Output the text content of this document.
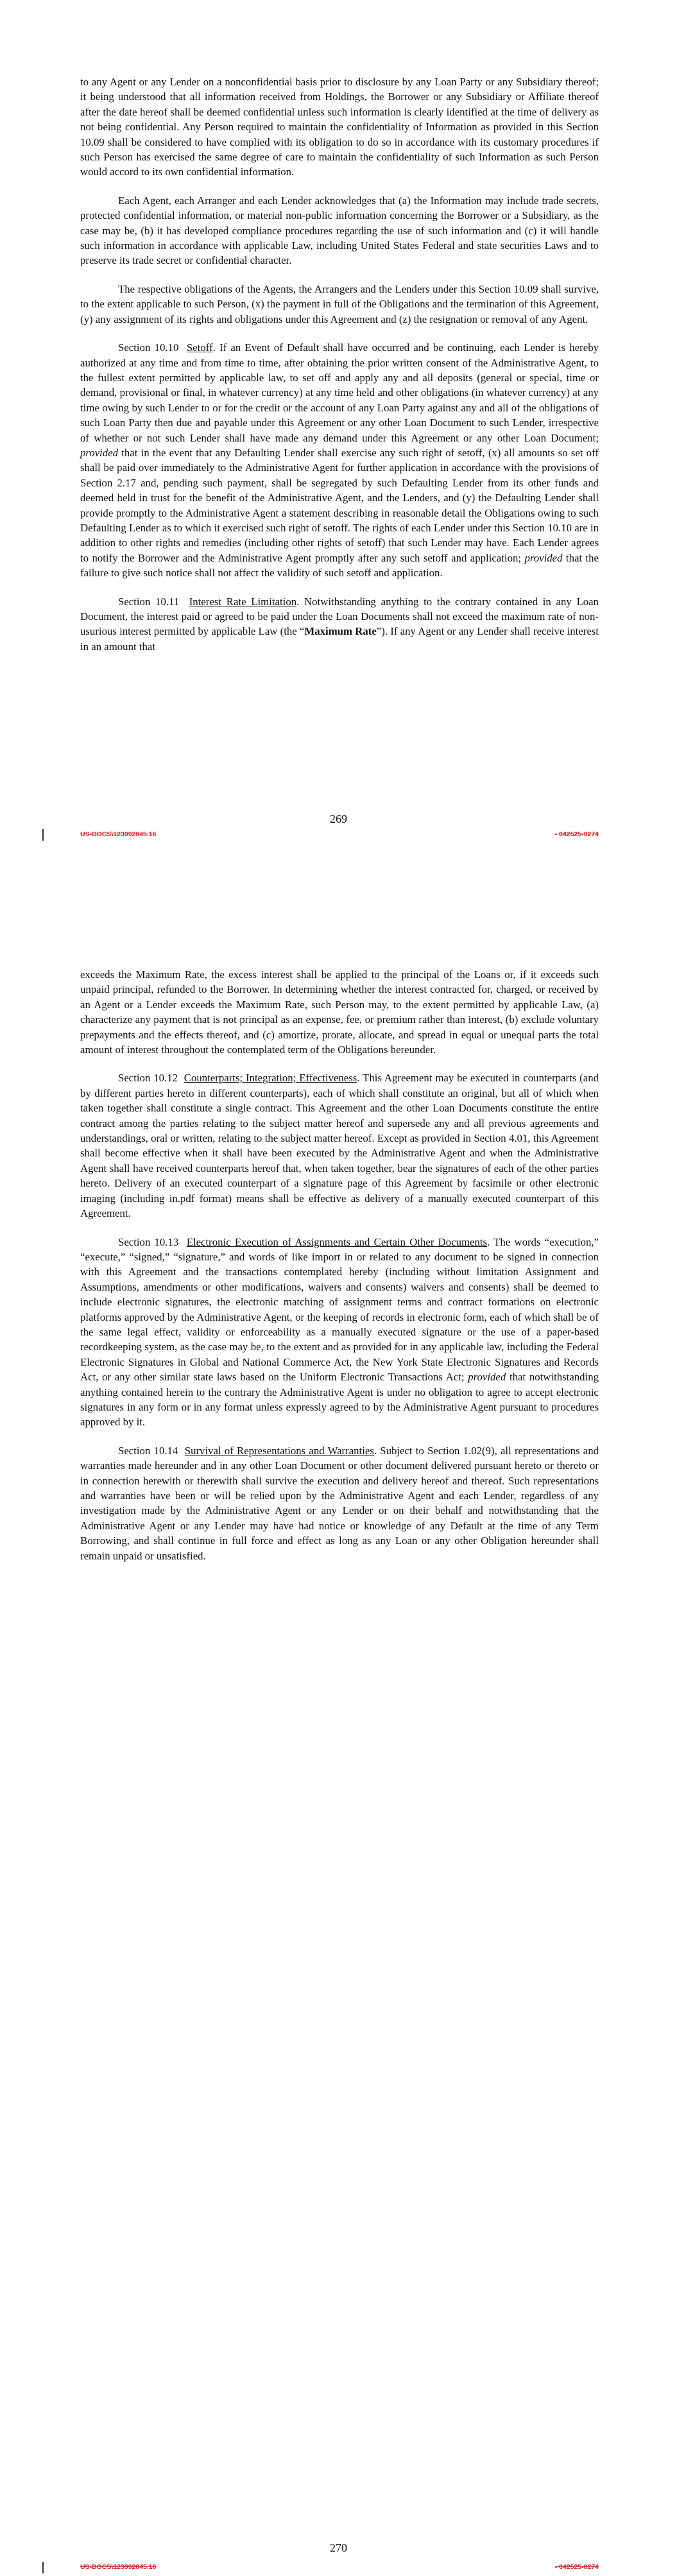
to any Agent or any Lender on a nonconfidential basis prior to disclosure by any Loan Party or any Subsidiary thereof; it being understood that all information received from Holdings, the Borrower or any Subsidiary or Affiliate thereof after the date hereof shall be deemed confidential unless such information is clearly identified at the time of delivery as not being confidential. Any Person required to maintain the confidentiality of Information as provided in this Section 10.09 shall be considered to have complied with its obligation to do so in accordance with its customary procedures if such Person has exercised the same degree of care to maintain the confidentiality of such Information as such Person would accord to its own confidential information.

Each Agent, each Arranger and each Lender acknowledges that (a) the Information may include trade secrets, protected confidential information, or material non-public information concerning the Borrower or a Subsidiary, as the case may be, (b) it has developed compliance procedures regarding the use of such information and (c) it will handle such information in accordance with applicable Law, including United States Federal and state securities Laws and to preserve its trade secret or confidential character.

The respective obligations of the Agents, the Arrangers and the Lenders under this Section 10.09 shall survive, to the extent applicable to such Person, (x) the payment in full of the Obligations and the termination of this Agreement, (y) any assignment of its rights and obligations under this Agreement and (z) the resignation or removal of any Agent.

Section 10.10 Setoff. If an Event of Default shall have occurred and be continuing, each Lender is hereby authorized at any time and from time to time, after obtaining the prior written consent of the Administrative Agent, to the fullest extent permitted by applicable law, to set off and apply any and all deposits (general or special, time or demand, provisional or final, in whatever currency) at any time held and other obligations (in whatever currency) at any time owing by such Lender to or for the credit or the account of any Loan Party against any and all of the obligations of such Loan Party then due and payable under this Agreement or any other Loan Document to such Lender, irrespective of whether or not such Lender shall have made any demand under this Agreement or any other Loan Document; provided that in the event that any Defaulting Lender shall exercise any such right of setoff, (x) all amounts so set off shall be paid over immediately to the Administrative Agent for further application in accordance with the provisions of Section 2.17 and, pending such payment, shall be segregated by such Defaulting Lender from its other funds and deemed held in trust for the benefit of the Administrative Agent, and the Lenders, and (y) the Defaulting Lender shall provide promptly to the Administrative Agent a statement describing in reasonable detail the Obligations owing to such Defaulting Lender as to which it exercised such right of setoff. The rights of each Lender under this Section 10.10 are in addition to other rights and remedies (including other rights of setoff) that such Lender may have. Each Lender agrees to notify the Borrower and the Administrative Agent promptly after any such setoff and application; provided that the failure to give such notice shall not affect the validity of such setoff and application.

Section 10.11 Interest Rate Limitation. Notwithstanding anything to the contrary contained in any Loan Document, the interest paid or agreed to be paid under the Loan Documents shall not exceed the maximum rate of non-usurious interest permitted by applicable Law (the “Maximum Rate”). If any Agent or any Lender shall receive interest in an amount that

269
US-DOCS\123992845.16	- 042525-0274

exceeds the Maximum Rate, the excess interest shall be applied to the principal of the Loans or, if it exceeds such unpaid principal, refunded to the Borrower. In determining whether the interest contracted for, charged, or received by an Agent or a Lender exceeds the Maximum Rate, such Person may, to the extent permitted by applicable Law, (a) characterize any payment that is not principal as an expense, fee, or premium rather than interest, (b) exclude voluntary prepayments and the effects thereof, and (c) amortize, prorate, allocate, and spread in equal or unequal parts the total amount of interest throughout the contemplated term of the Obligations hereunder.

Section 10.12 Counterparts; Integration; Effectiveness. This Agreement may be executed in counterparts (and by different parties hereto in different counterparts), each of which shall constitute an original, but all of which when taken together shall constitute a single contract. This Agreement and the other Loan Documents constitute the entire contract among the parties relating to the subject matter hereof and supersede any and all previous agreements and understandings, oral or written, relating to the subject matter hereof. Except as provided in Section 4.01, this Agreement shall become effective when it shall have been executed by the Administrative Agent and when the Administrative Agent shall have received counterparts hereof that, when taken together, bear the signatures of each of the other parties hereto. Delivery of an executed counterpart of a signature page of this Agreement by facsimile or other electronic imaging (including in.pdf format) means shall be effective as delivery of a manually executed counterpart of this Agreement.

Section 10.13 Electronic Execution of Assignments and Certain Other Documents. The words “execution,” “execute,” “signed,” “signature,” and words of like import in or related to any document to be signed in connection with this Agreement and the transactions contemplated hereby (including without limitation Assignment and Assumptions, amendments or other modifications, waivers and consents) waivers and consents) shall be deemed to include electronic signatures, the electronic matching of assignment terms and contract formations on electronic platforms approved by the Administrative Agent, or the keeping of records in electronic form, each of which shall be of the same legal effect, validity or enforceability as a manually executed signature or the use of a paper-based recordkeeping system, as the case may be, to the extent and as provided for in any applicable law, including the Federal Electronic Signatures in Global and National Commerce Act, the New York State Electronic Signatures and Records Act, or any other similar state laws based on the Uniform Electronic Transactions Act; provided that notwithstanding anything contained herein to the contrary the Administrative Agent is under no obligation to agree to accept electronic signatures in any form or in any format unless expressly agreed to by the Administrative Agent pursuant to procedures approved by it.

Section 10.14 Survival of Representations and Warranties. Subject to Section 1.02(9), all representations and warranties made hereunder and in any other Loan Document or other document delivered pursuant hereto or thereto or in connection herewith or therewith shall survive the execution and delivery hereof and thereof. Such representations and warranties have been or will be relied upon by the Administrative Agent and each Lender, regardless of any investigation made by the Administrative Agent or any Lender or on their behalf and notwithstanding that the Administrative Agent or any Lender may have had notice or knowledge of any Default at the time of any Term Borrowing, and shall continue in full force and effect as long as any Loan or any other Obligation hereunder shall remain unpaid or unsatisfied.

270
US-DOCS\123992845.16	- 042525-0274
